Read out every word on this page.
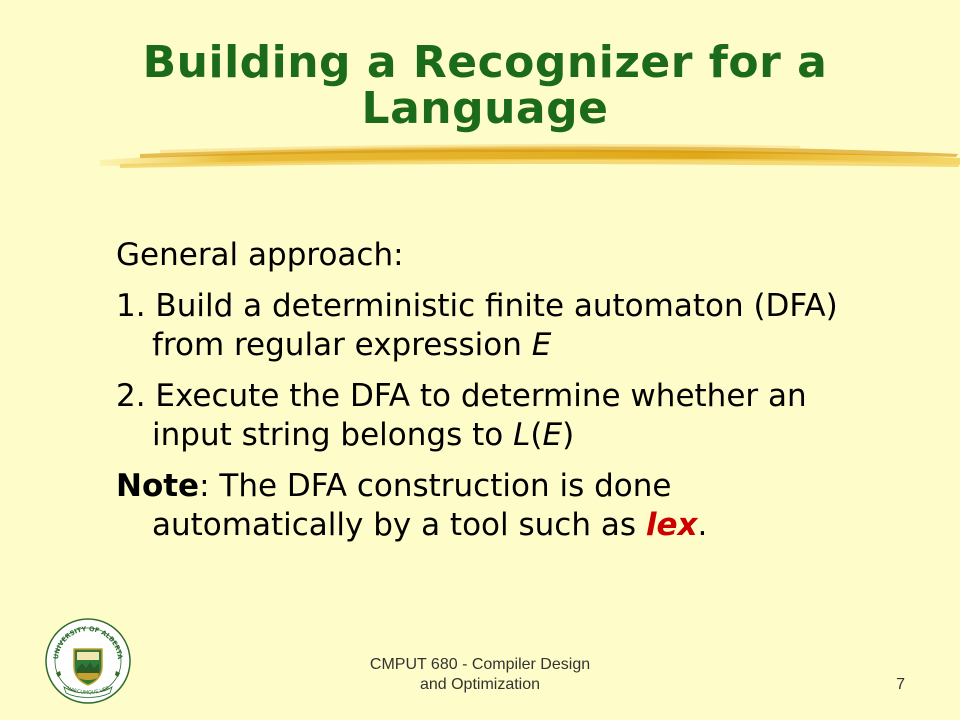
Building a Recognizer for a
Language
General approach:
1. Build a deterministic finite automaton (DFA) from regular expression E
2. Execute the DFA to determine whether an input string belongs to L(E)
Note: The DFA construction is done automatically by a tool such as lex.
UNIVERSITY OF ALBERTA
UAECUMQUE VER
CMPUT 680 - Compiler Design
and Optimization	7
